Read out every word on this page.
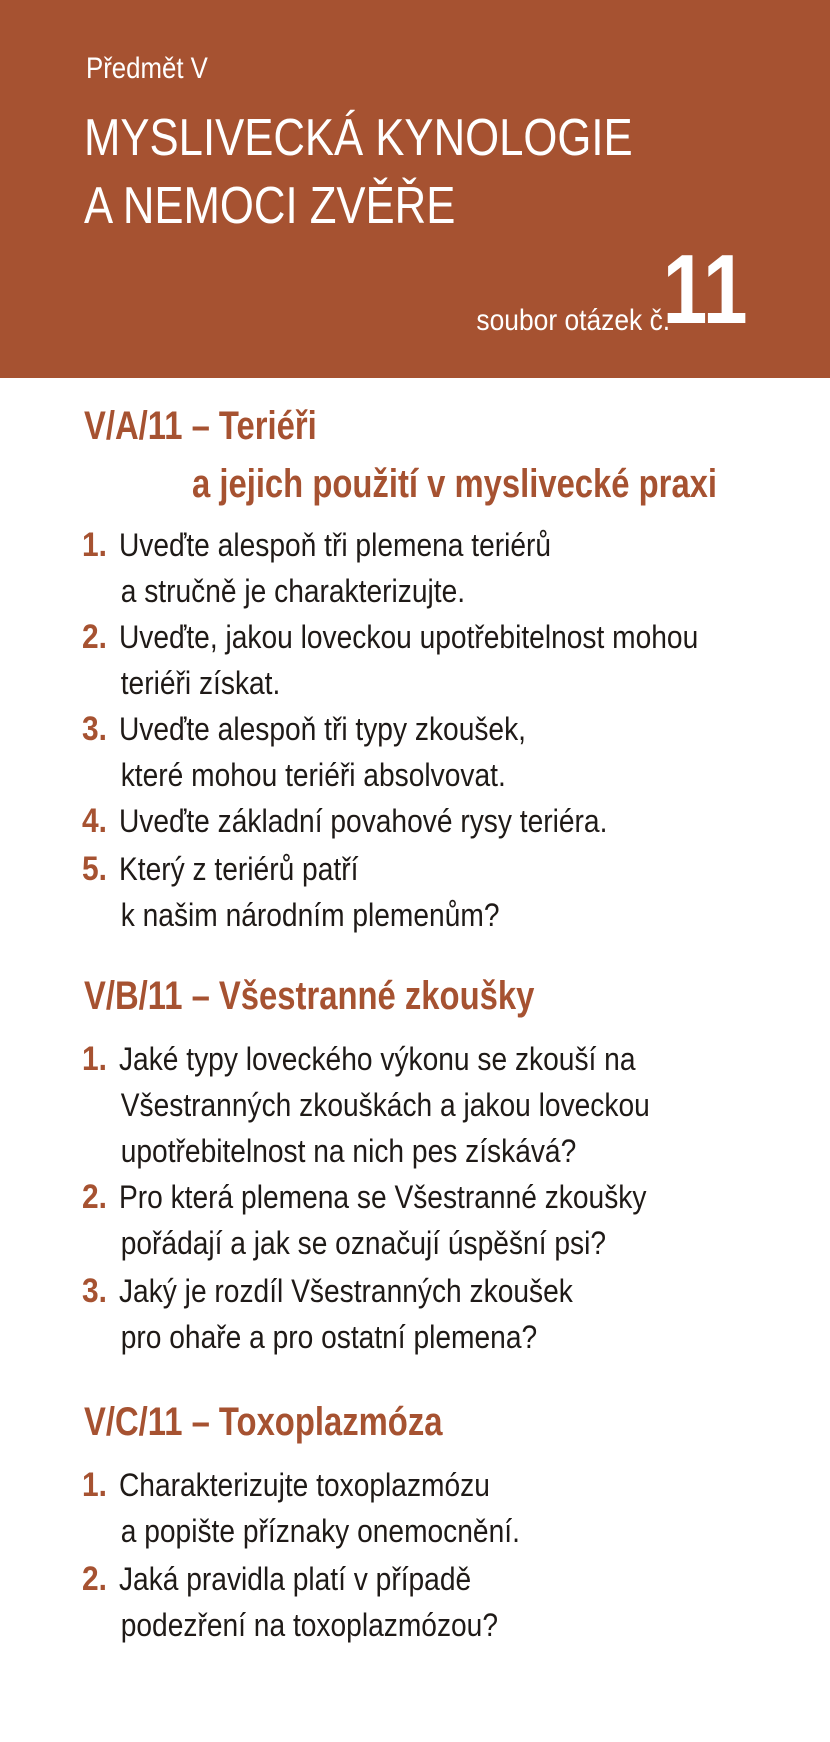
Předmět V
MYSLIVECKÁ KYNOLOGIE
A NEMOCI ZVĚŘE
soubor otázek č.
11
V/A/11 – Teriéři
a jejich použití v myslivecké praxi
1. Uveďte alespoň tři plemena teriérů
a stručně je charakterizujte.
2. Uveďte, jakou loveckou upotřebitelnost mohou
teriéři získat.
3. Uveďte alespoň tři typy zkoušek,
které mohou teriéři absolvovat.
4. Uveďte základní povahové rysy teriéra.
5. Který z teriérů patří
k našim národním plemenům?
V/B/11 – Všestranné zkoušky
1. Jaké typy loveckého výkonu se zkouší na
Všestranných zkouškách a jakou loveckou
upotřebitelnost na nich pes získává?
2. Pro která plemena se Všestranné zkoušky
pořádají a jak se označují úspěšní psi?
3. Jaký je rozdíl Všestranných zkoušek
pro ohaře a pro ostatní plemena?
V/C/11 – Toxoplazmóza
1. Charakterizujte toxoplazmózu
a popište příznaky onemocnění.
2. Jaká pravidla platí v případě
podezření na toxoplazmózou?
